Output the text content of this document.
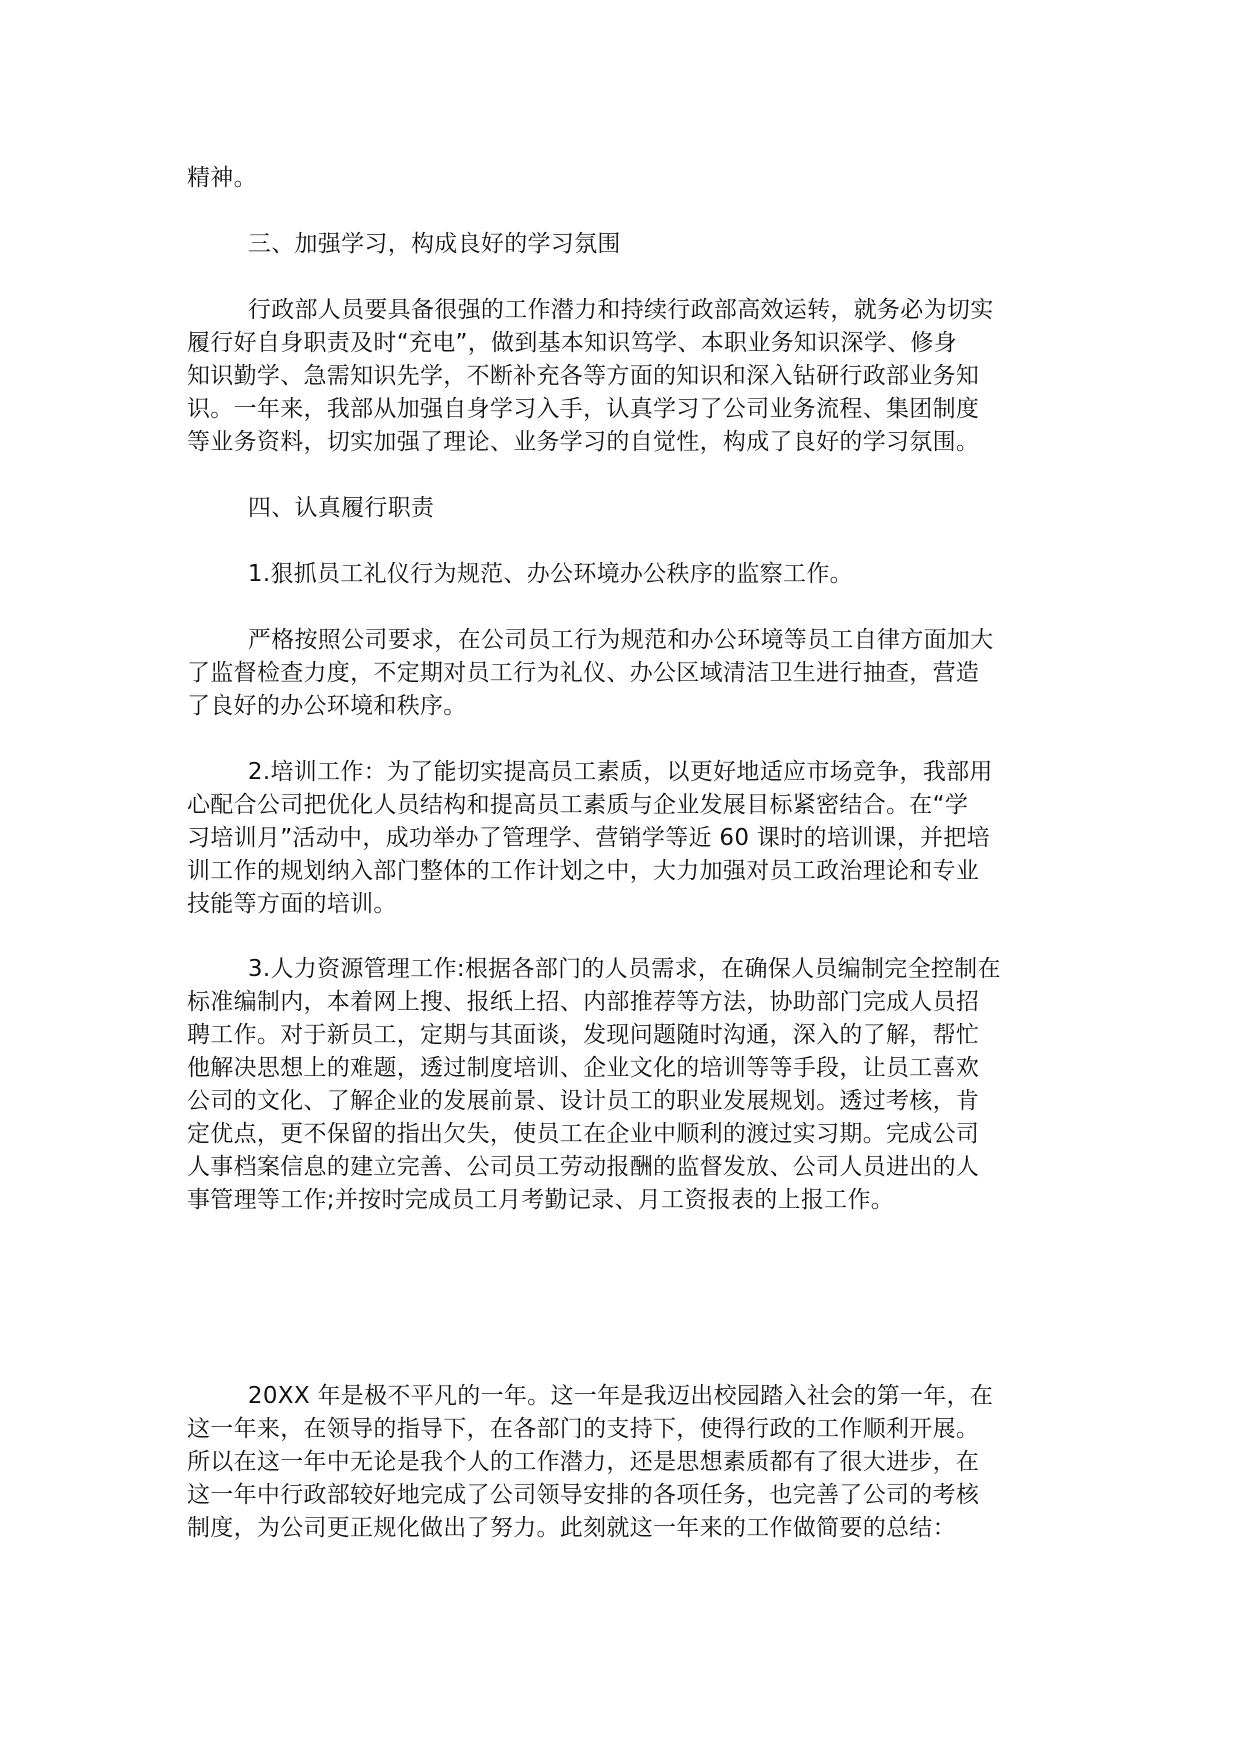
精神。

三、加强学习，构成良好的学习氛围

行政部人员要具备很强的工作潜力和持续行政部高效运转，就务必为切实
履行好自身职责及时“充电”，做到基本知识笃学、本职业务知识深学、修身
知识勤学、急需知识先学，不断补充各等方面的知识和深入钻研行政部业务知
识。一年来，我部从加强自身学习入手，认真学习了公司业务流程、集团制度
等业务资料，切实加强了理论、业务学习的自觉性，构成了良好的学习氛围。

四、认真履行职责

1.狠抓员工礼仪行为规范、办公环境办公秩序的监察工作。

严格按照公司要求，在公司员工行为规范和办公环境等员工自律方面加大
了监督检查力度，不定期对员工行为礼仪、办公区域清洁卫生进行抽查，营造
了良好的办公环境和秩序。

2.培训工作：为了能切实提高员工素质，以更好地适应市场竞争，我部用
心配合公司把优化人员结构和提高员工素质与企业发展目标紧密结合。在“学
习培训月”活动中，成功举办了管理学、营销学等近 60 课时的培训课，并把培
训工作的规划纳入部门整体的工作计划之中，大力加强对员工政治理论和专业
技能等方面的培训。

3.人力资源管理工作:根据各部门的人员需求，在确保人员编制完全控制在
标准编制内，本着网上搜、报纸上招、内部推荐等方法，协助部门完成人员招
聘工作。对于新员工，定期与其面谈，发现问题随时沟通，深入的了解，帮忙
他解决思想上的难题，透过制度培训、企业文化的培训等等手段，让员工喜欢
公司的文化、了解企业的发展前景、设计员工的职业发展规划。透过考核，肯
定优点，更不保留的指出欠失，使员工在企业中顺利的渡过实习期。完成公司
人事档案信息的建立完善、公司员工劳动报酬的监督发放、公司人员进出的人
事管理等工作;并按时完成员工月考勤记录、月工资报表的上报工作。

20XX 年是极不平凡的一年。这一年是我迈出校园踏入社会的第一年，在
这一年来，在领导的指导下，在各部门的支持下，使得行政的工作顺利开展。
所以在这一年中无论是我个人的工作潜力，还是思想素质都有了很大进步，在
这一年中行政部较好地完成了公司领导安排的各项任务，也完善了公司的考核
制度，为公司更正规化做出了努力。此刻就这一年来的工作做简要的总结：
